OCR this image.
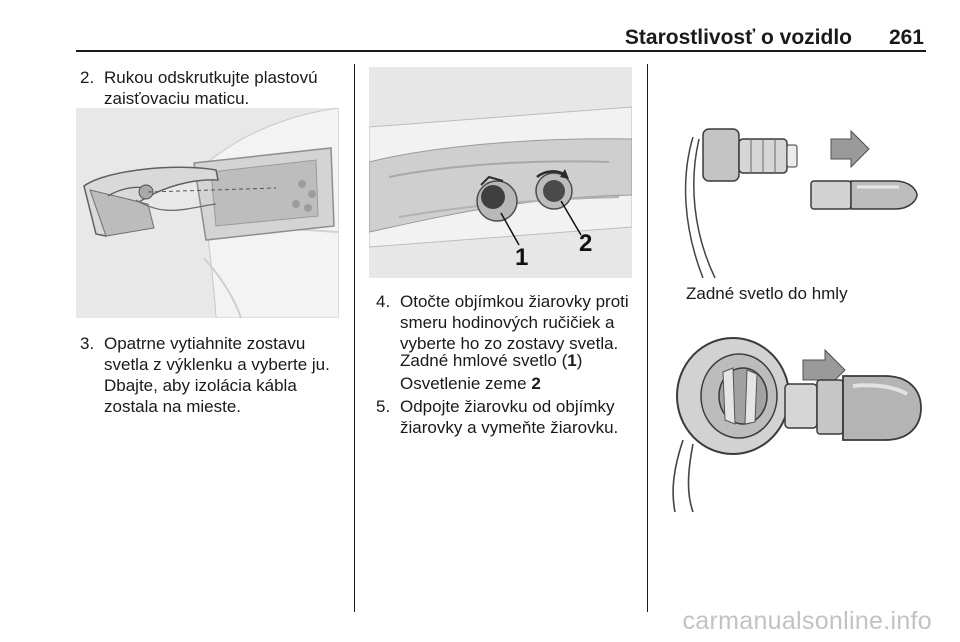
Starostlivosť o vozidlo 261
2. Rukou odskrutkujte plastovú zaisťovaciu maticu.
3. Opatrne vytiahnite zostavu svetla z výklenku a vyberte ju. Dbajte, aby izolácia kábla zostala na mieste.
1
2
4. Otočte objímkou žiarovky proti smeru hodinových ručičiek a vyberte ho zo zostavy svetla.
Zadné hmlové svetlo (1)
Osvetlenie zeme 2
5. Odpojte žiarovku od objímky žiarovky a vymeňte žiarovku.
Zadné svetlo do hmly
carmanualsonline.info
